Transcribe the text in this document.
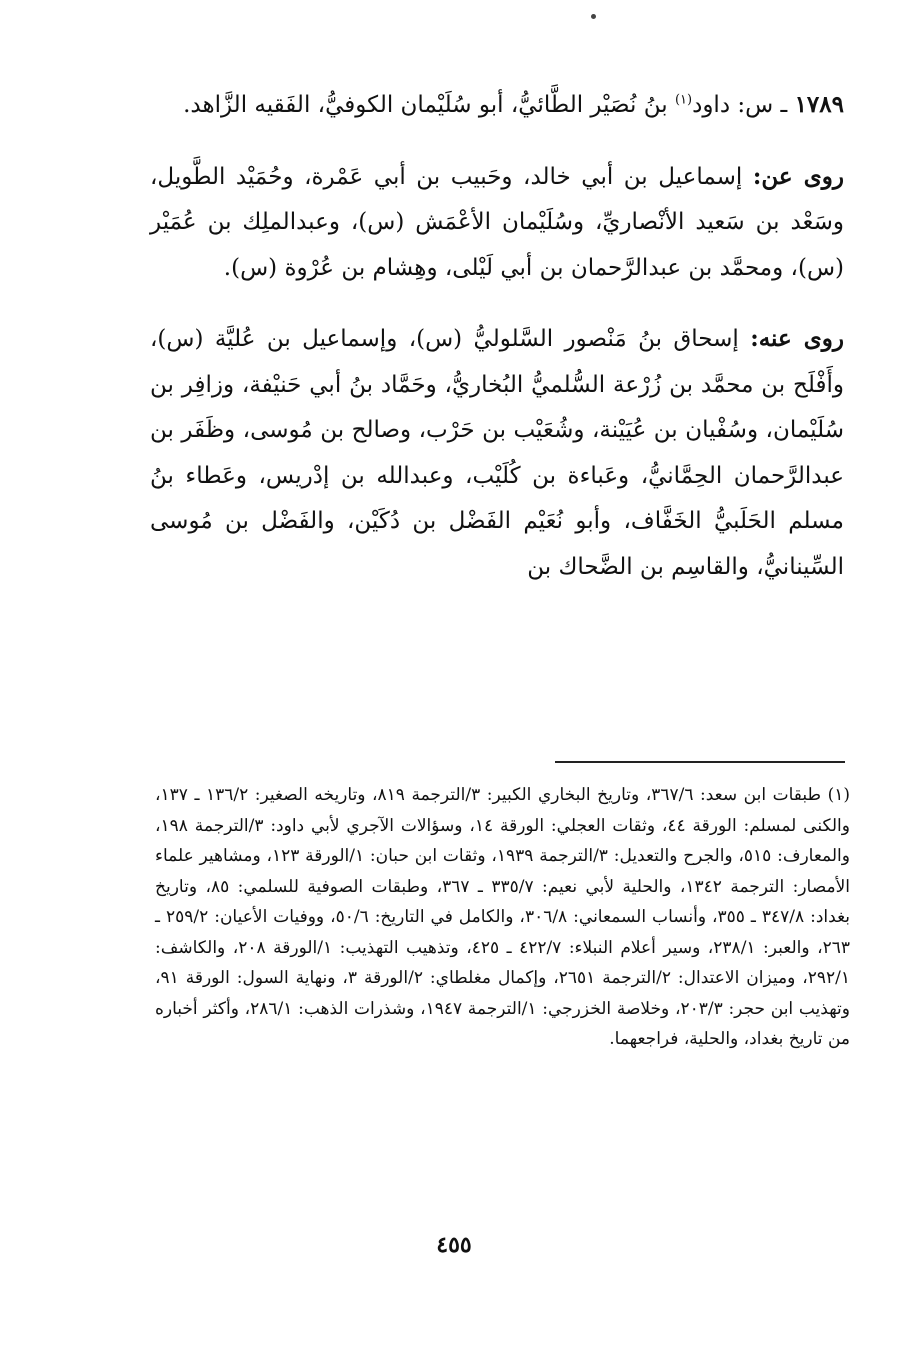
١٧٨٩ ـ س: داود$^{(١)}$ بنُ نُصَيْر الطَّائيُّ، أبو سُلَيْمان الكوفيُّ، الفَقيه الزَّاهد.

روى عن: إسماعيل بن أبي خالد، وحَبيب بن أبي عَمْرة، وحُمَيْد الطَّويل، وسَعْد بن سَعيد الأنْصاريِّ، وسُلَيْمان الأعْمَش (س)، وعبدالملِك بن عُمَيْر (س)، ومحمَّد بن عبدالرَّحمان بن أبي لَيْلى، وهِشام بن عُرْوة (س).

روى عنه: إسحاق بنُ مَنْصور السَّلوليُّ (س)، وإسماعيل بن عُليَّة (س)، وأَفْلَح بن محمَّد بن زُرْعة السُّلميُّ البُخاريُّ، وحَمَّاد بنُ أبي حَنيْفة، وزافِر بن سُلَيْمان، وسُفْيان بن عُيَيْنة، وشُعَيْب بن حَرْب، وصالح بن مُوسى، وظَفَر بن عبدالرَّحمان الحِمَّانيُّ، وعَباءة بن كُلَيْب، وعبدالله بن إدْريس، وعَطاء بنُ مسلم الحَلَبيُّ الخَفَّاف، وأبو نُعَيْم الفَضْل بن دُكَيْن، والفَضْل بن مُوسى السِّينانيُّ، والقاسِم بن الضَّحاك بن

(١) طبقات ابن سعد: ٣٦٧/٦، وتاريخ البخاري الكبير: ٣/الترجمة ٨١٩، وتاريخه الصغير: ١٣٦/٢ ـ ١٣٧، والكنى لمسلم: الورقة ٤٤، وثقات العجلي: الورقة ١٤، وسؤالات الآجري لأبي داود: ٣/الترجمة ١٩٨، والمعارف: ٥١٥، والجرح والتعديل: ٣/الترجمة ١٩٣٩، وثقات ابن حبان: ١/الورقة ١٢٣، ومشاهير علماء الأمصار: الترجمة ١٣٤٢، والحلية لأبي نعيم: ٣٣٥/٧ ـ ٣٦٧، وطبقات الصوفية للسلمي: ٨٥، وتاريخ بغداد: ٣٤٧/٨ ـ ٣٥٥، وأنساب السمعاني: ٣٠٦/٨، والكامل في التاريخ: ٥٠/٦، ووفيات الأعيان: ٢٥٩/٢ ـ ٢٦٣، والعبر: ٢٣٨/١، وسير أعلام النبلاء: ٤٢٢/٧ ـ ٤٢٥، وتذهيب التهذيب: ١/الورقة ٢٠٨، والكاشف: ٢٩٢/١، وميزان الاعتدال: ٢/الترجمة ٢٦٥١، وإكمال مغلطاي: ٢/الورقة ٣، ونهاية السول: الورقة ٩١، وتهذيب ابن حجر: ٢٠٣/٣، وخلاصة الخزرجي: ١/الترجمة ١٩٤٧، وشذرات الذهب: ٢٨٦/١، وأكثر أخباره من تاريخ بغداد، والحلية، فراجعهما.

٤٥٥
